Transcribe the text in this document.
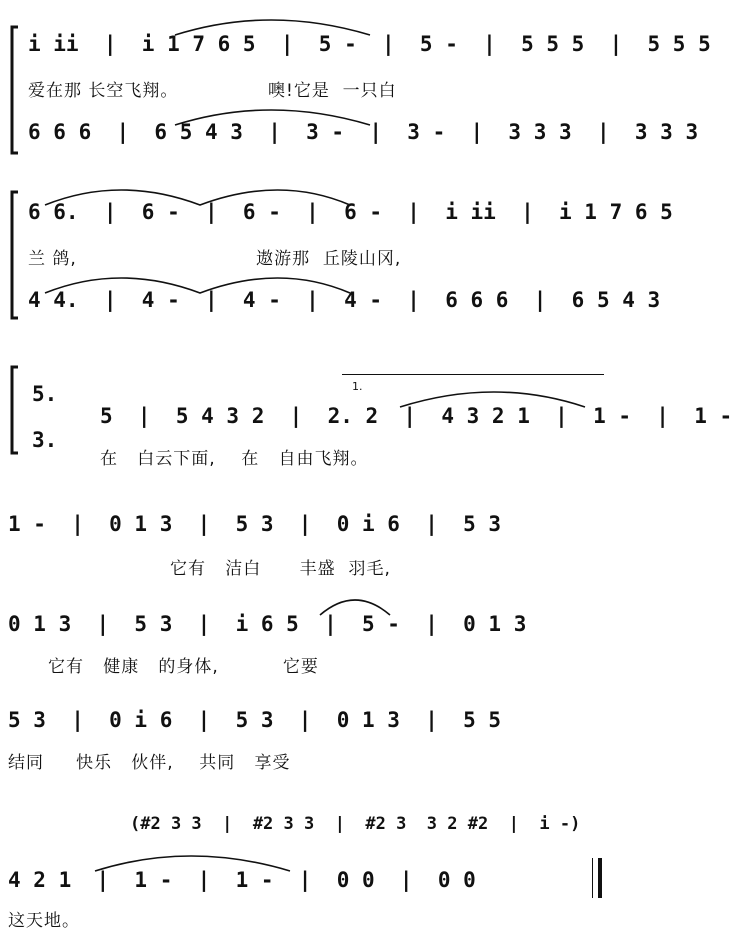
i ii  |  i 1 7 6 5  |  5 -  |  5 -  |  5 5 5  |  5 5 5
爱在那 长空飞翔。              噢!它是  一只白
6 6 6  |  6 5 4 3  |  3 -  |  3 -  |  3 3 3  |  3 3 3
6 6.  |  6 -  |  6 -  |  6 -  |  i ii  |  i 1 7 6 5
兰 鸽,                            遨游那  丘陵山冈,
4 4.  |  4 -  |  4 -  |  4 -  |  6 6 6  |  6 5 4 3
5.
3.
1.
5  |  5 4 3 2  |  2. 2  |  4 3 2 1  |  1 -  |  1 -
在   白云下面,    在   自由飞翔。
1 -  |  0 1 3  |  5 3  |  0 i 6  |  5 3
它有   洁白      丰盛  羽毛,
0 1 3  |  5 3  |  i 6 5  |  5 -  |  0 1 3
它有   健康   的身体,          它要
5 3  |  0 i 6  |  5 3  |  0 1 3  |  5 5
结同     快乐   伙伴,    共同   享受
(#2 3 3  |  #2 3 3  |  #2 3  3 2 #2  |  i -)
4 2 1  |  1 -  |  1 -  |  0 0  |  0 0
这天地。
